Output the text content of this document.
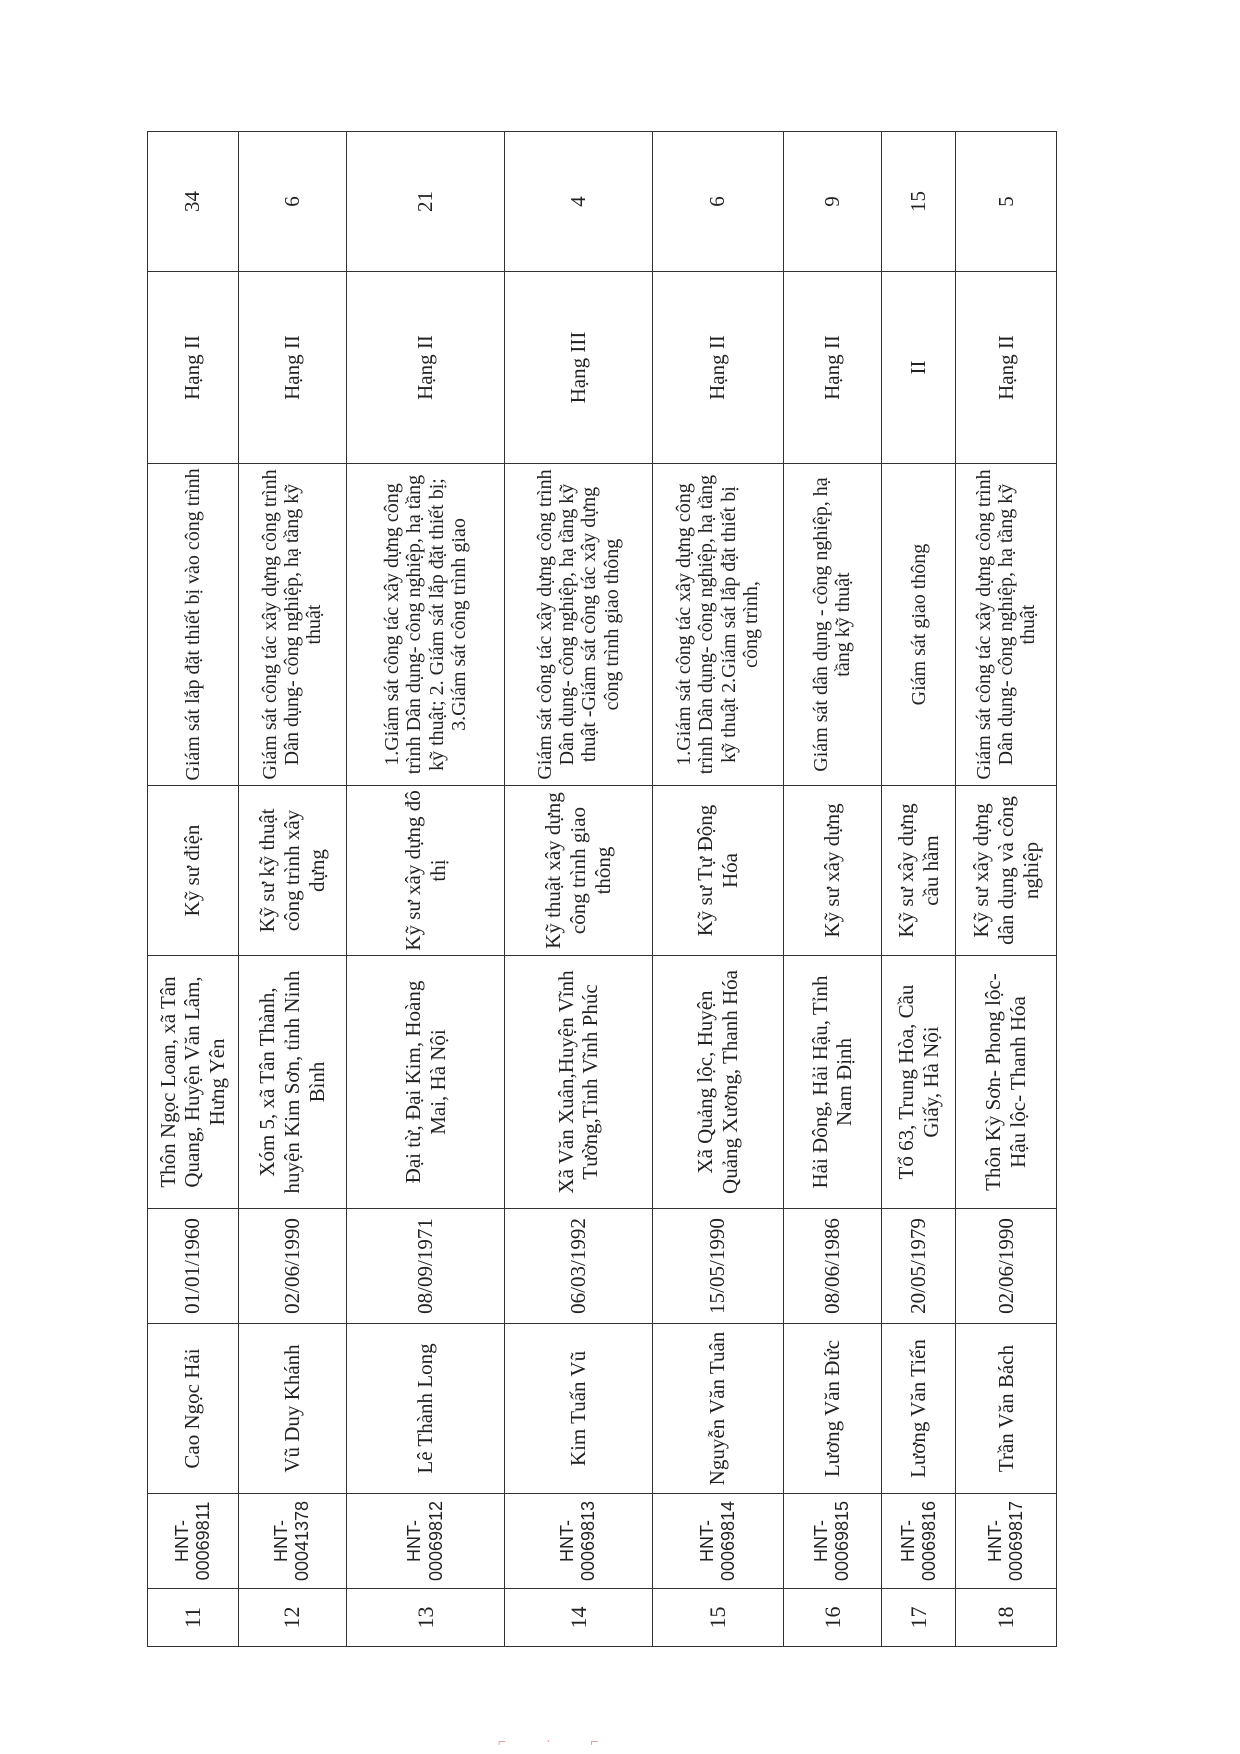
11	HNT-00069811	Cao Ngọc Hải	01/01/1960	Thôn Ngọc Loan, xã Tân Quang, Huyện Văn Lâm, Hưng Yên	Kỹ sư điện	Giám sát lắp đặt thiết bị vào công trình	Hạng II	34
12	HNT-00041378	Vũ Duy Khánh	02/06/1990	Xóm 5, xã Tân Thành, huyện Kim Sơn, tỉnh Ninh Bình	Kỹ sư kỹ thuật công trình xây dựng	Giám sát công tác xây dựng công trình Dân dụng- công nghiệp, hạ tầng kỹ thuật	Hạng II	6
13	HNT-00069812	Lê Thành Long	08/09/1971	Đại từ, Đại Kim, Hoàng Mai, Hà Nội	Kỹ sư xây dựng đô thị	1.Giám sát công tác xây dựng công trình Dân dụng- công nghiệp, hạ tầng kỹ thuật; 2. Giám sát lắp đặt thiết bị; 3.Giám sát công trình giao	Hạng II	21
14	HNT-00069813	Kim Tuấn Vũ	06/03/1992	Xã Văn Xuân,Huyện Vĩnh Tường,Tỉnh Vĩnh Phúc	Kỹ thuật xây dựng công trình giao thông	Giám sát công tác xây dựng công trình Dân dụng- công nghiệp, hạ tầng kỹ thuật -Giám sát công tác xây dựng công trình giao thông	Hạng III	4
15	HNT-00069814	Nguyễn Văn Tuân	15/05/1990	Xã Quảng lộc, Huyện Quảng Xương, Thanh Hóa	Kỹ sư Tự Động Hóa	1.Giám sát công tác xây dựng công trình Dân dụng- công nghiệp, hạ tầng kỹ thuật 2.Giám sát lắp đặt thiết bị công trình,	Hạng II	6
16	HNT-00069815	Lương Văn Đức	08/06/1986	Hải Đông, Hải Hậu, Tỉnh Nam Định	Kỹ sư xây dựng	Giám sát dân dụng - công nghiệp, hạ tầng kỹ thuật	Hạng II	9
17	HNT-00069816	Lương Văn Tiến	20/05/1979	Tổ 63, Trung Hòa, Cầu Giấy, Hà Nội	Kỹ sư xây dựng cầu hầm	Giám sát giao thông	II	15
18	HNT-00069817	Trần Văn Bách	02/06/1990	Thôn Kỳ Sơn- Phong lộc- Hậu lộc- Thanh Hóa	Kỹ sư xây dựng dân dụng và công nghiệp	Giám sát công tác xây dựng công trình Dân dụng- công nghiệp, hạ tầng kỹ thuật	Hạng II	5
⌐ ⋅ ⌐
